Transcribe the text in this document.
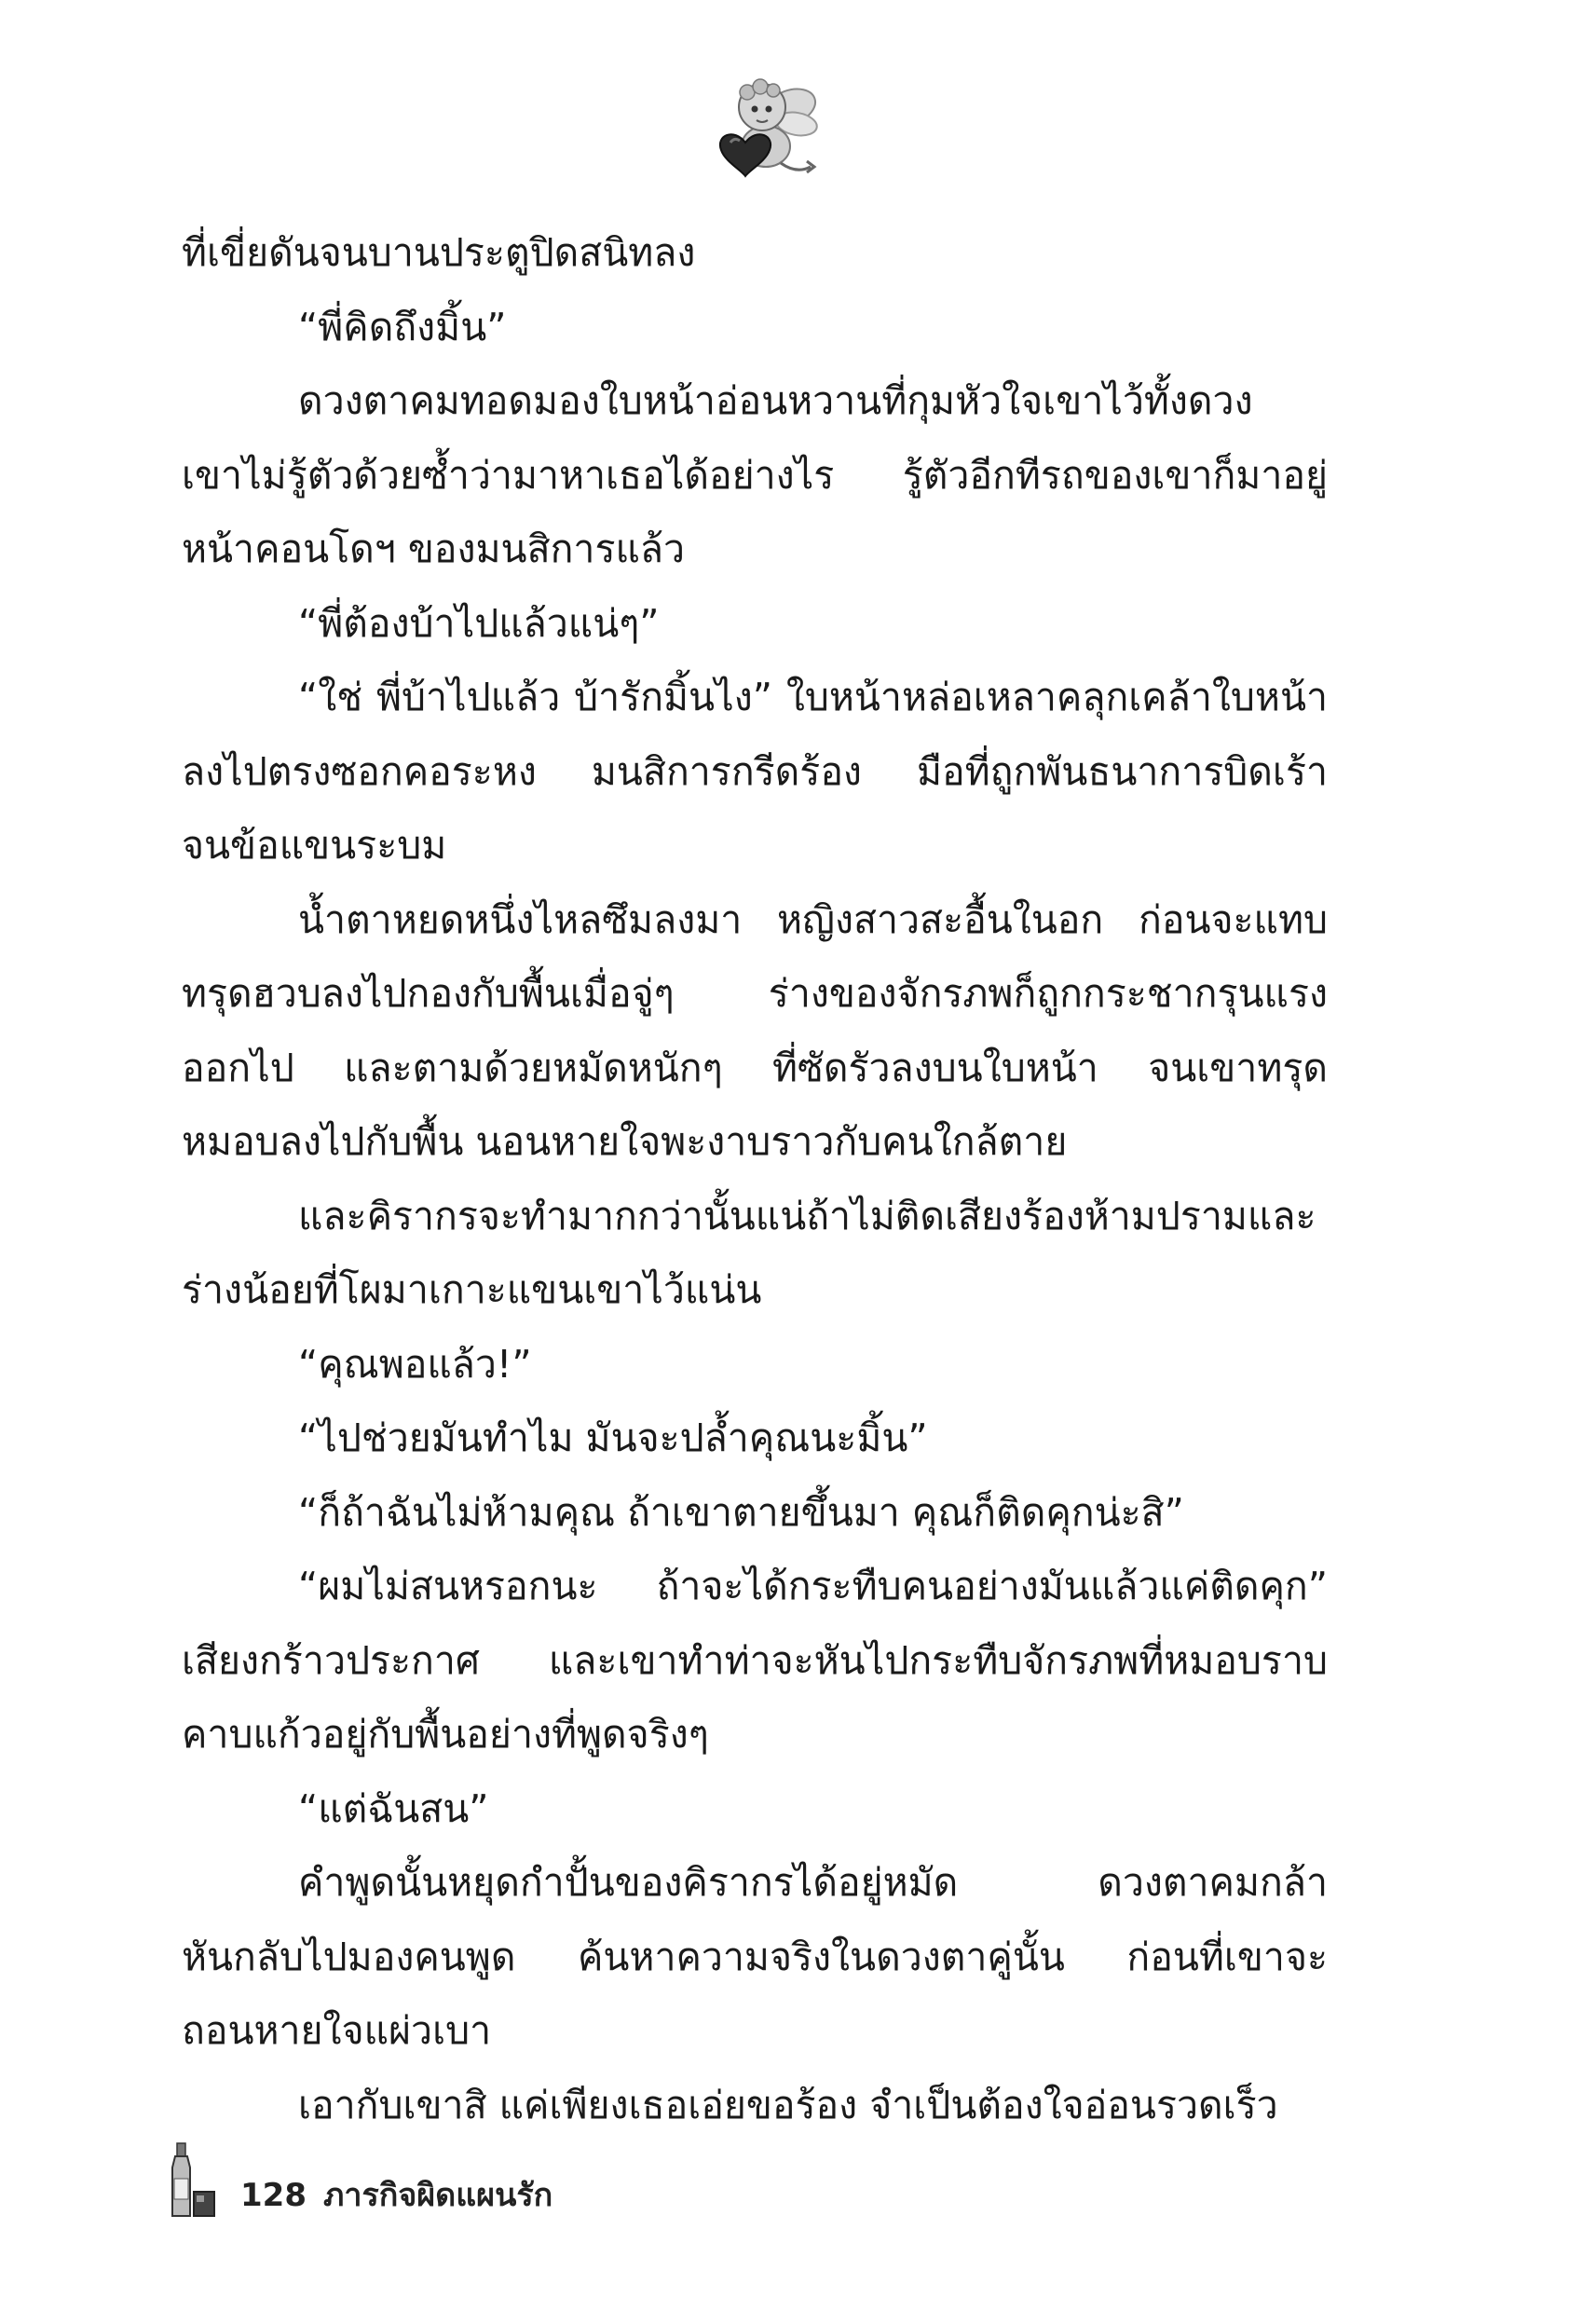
ที่เขี่ยดันจนบานประตูปิดสนิทลง
“พี่คิดถึงมิ้น”
ดวงตาคมทอดมองใบหน้าอ่อนหวานที่กุมหัวใจเขาไว้ทั้งดวง
เขาไม่รู้ตัวด้วยซ้ำว่ามาหาเธอได้อย่างไร รู้ตัวอีกทีรถของเขาก็มาอยู่
หน้าคอนโดฯ ของมนสิการแล้ว
“พี่ต้องบ้าไปแล้วแน่ๆ”
“ใช่ พี่บ้าไปแล้ว บ้ารักมิ้นไง” ใบหน้าหล่อเหลาคลุกเคล้าใบหน้า
ลงไปตรงซอกคอระหง มนสิการกรีดร้อง มือที่ถูกพันธนาการบิดเร้า
จนข้อแขนระบม
น้ำตาหยดหนึ่งไหลซึมลงมา หญิงสาวสะอื้นในอก ก่อนจะแทบ
ทรุดฮวบลงไปกองกับพื้นเมื่อจู่ๆ ร่างของจักรภพก็ถูกกระชากรุนแรง
ออกไป และตามด้วยหมัดหนักๆ ที่ซัดรัวลงบนใบหน้า จนเขาทรุด
หมอบลงไปกับพื้น นอนหายใจพะงาบราวกับคนใกล้ตาย
และคิรากรจะทำมากกว่านั้นแน่ถ้าไม่ติดเสียงร้องห้ามปรามและ
ร่างน้อยที่โผมาเกาะแขนเขาไว้แน่น
“คุณพอแล้ว!”
“ไปช่วยมันทำไม มันจะปล้ำคุณนะมิ้น”
“ก็ถ้าฉันไม่ห้ามคุณ ถ้าเขาตายขึ้นมา คุณก็ติดคุกน่ะสิ”
“ผมไม่สนหรอกนะ ถ้าจะได้กระทืบคนอย่างมันแล้วแค่ติดคุก”
เสียงกร้าวประกาศ และเขาทำท่าจะหันไปกระทืบจักรภพที่หมอบราบ
คาบแก้วอยู่กับพื้นอย่างที่พูดจริงๆ
“แต่ฉันสน”
คำพูดนั้นหยุดกำปั้นของคิรากรได้อยู่หมัด ดวงตาคมกล้า
หันกลับไปมองคนพูด ค้นหาความจริงในดวงตาคู่นั้น ก่อนที่เขาจะ
ถอนหายใจแผ่วเบา
เอากับเขาสิ แค่เพียงเธอเอ่ยขอร้อง จำเป็นต้องใจอ่อนรวดเร็ว
128 ภารกิจผิดแผนรัก
